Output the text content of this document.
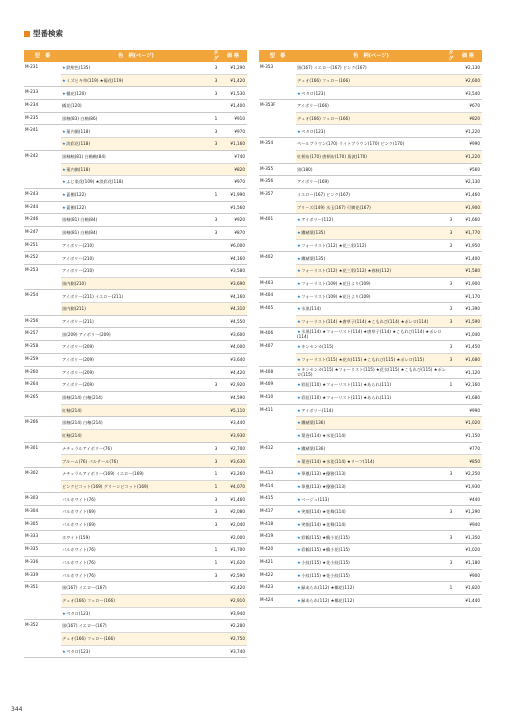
型番検索
型　番	色　柄(ページ)
タグ
価 格
M-231	★鉄紺色(135)	3	¥1,290
★ミズヒキ草(119) ★葡花(119)	3	¥1,420
M-233	★橘花(120)	3	¥1,530
M-234	橘花(120)	¥1,400
M-235	黒釉(83) 白釉(86)	1	¥910
M-241	★蓮内側(118)	3	¥970
★淡彩花(118)	3	¥1,160
M-242	黒釉釉(81) 白釉釉(84)	¥740
★蓮内側(118)	¥820
★ふじ染花(109) ★淡彩花(118)	¥970
M-243	★蓋棚(122)	1	¥1,990
M-244	★蓋棚(122)	¥1,560
M-246	黒釉(81) 白釉(84)	3	¥920
M-247	黒釉(81) 白釉(84)	3	¥870
M-251	アイボリー(210)	¥6,000
M-252	アイボリー(210)	¥4,160
M-253	アイボリー(210)	¥3,580
黒内側(210)	¥3,690
M-254	アイボリー(211) イエロー(211)	¥4,160
黒内側(211)	¥4,310
M-256	アイボリー(211)	¥4,550
M-257	黒(209) アイボリー(209)	¥3,600
M-258	アイボリー(209)	¥4,000
M-259	アイボリー(209)	¥3,640
M-260	アイボリー(209)	¥4,420
M-264	アイボリー(209)	3	¥2,920
M-265	黒釉(214) 白釉(214)	¥4,590
紅釉(214)	¥5,110
M-266	黒釉(214) 白釉(214)	¥3,440
紅釉(214)	¥3,930
M-301	ナチュラルアイボリー(76)	3	¥2,700
ブルーム(76) パルテール(76)	3	¥3,630
M-302	ナチュラルアイボリー(169) イエロー(169)	1	¥3,260
ピンクピコット(169) グリーンピコット(169)	1	¥4,070
M-303	パルホワイト(76)	3	¥1,460
M-304	パルホワイト(69)	3	¥2,080
M-305	パルホワイト(69)	3	¥2,040
M-333	ホワイト(159)	¥2,000
M-335	パルホワイト(76)	1	¥1,700
M-336	パルホワイト(76)	1	¥1,620
M-339	パルホワイト(76)	3	¥2,590
M-351	黒(167) イエロー(167)	¥2,420
デュオ(166) フェロー(166)	¥2,910
★ペタロ(123)	¥3,940
M-352	黒(167) イエロー(167)	¥2,280
デュオ(166) フェロー(166)	¥2,750
★ペタロ(123)	¥3,740
型　番	色　柄(ページ)
タグ
価 格
M-353	黒(167) イエロー(167) ピンク(167)	¥2,130
デュオ(166) フェロー(166)	¥2,600
★ペタロ(123)	¥3,540
M-353F	アイボリー(166)	¥670
デュオ(166) フェロー(166)	¥820
★ペタロ(123)	¥1,220
M-354	ペールブラウン(170) ライトブラウン(170) ピンク(170)	¥990
紅柄布(170) 唐柄布(170) 蔦波(170)	¥1,220
M-355	黒(180)	¥560
M-356	アイボリー(169)	¥2,130
M-357	イエロー(167) ピンク(167)	¥1,460
ブリーズ(149) 水玉(167) 可憐花(167)	¥1,900
M-401	★アイボリー(112)	3	¥1,660
★躍緒葉(135)	3	¥1,770
★フォーリスト(112) ★花三彩(112)	3	¥1,950
M-402	★躍緒葉(135)	¥1,400
★フォーリスト(112) ★花三彩(112) ★春秋(112)	¥1,580
M-403	★フォーリスト(109) ★花日より(109)	3	¥1,900
M-404	★フォーリスト(109) ★花日より(109)	¥1,170
M-405	★水黒(114)	3	¥1,390
★フォーリスト(114) ★唐草子(114) ★こもれび(114) ★ポレロ(114)	3	¥1,590
M-406	★水黒(114) ★フォーリスト(114) ★唐草子(114) ★こもれび(114) ★ポレロ(114)
¥1,040
M-407	★キンセンカ(115)	3	¥1,450
★フォーリスト(115) ★花衣(115) ★こもれび(115) ★ポレロ(115)	3	¥1,680
M-408	★キンセンカ(115) ★フォーリスト(115) ★花衣(115) ★こもれび(115) ★ポレロ(115)
¥1,120
M-409	★彩虹(110) ★フォーリスト(111) ★あられ(111)	1	¥2,160
M-410	★彩虹(110) ★フォーリスト(111) ★あられ(111)	¥1,680
M-411	★アイボリー(114)	¥990
★躍緒葉(136)	¥1,020
★葉巻(114) ★水花(114)	¥1,150
M-412	★躍緒葉(136)	¥770
★葉巻(114) ★水花(114) ★リーフ(114)	¥850
M-413	★華風(113) ★優雅(113)	3	¥2,250
M-414	★華風(113) ★優雅(113)	¥1,930
M-415	★ベージュ(113)	¥440
M-417	★笑顔(114) ★花舞(114)	3	¥1,290
M-418	★笑顔(114) ★花舞(114)	¥940
M-419	★彩鶴(115) ★鶴小花(115)	3	¥1,350
M-420	★彩鶴(115) ★鶴小花(115)	¥1,020
M-421	★小紋(115) ★花小紋(115)	3	¥1,180
M-422	★小紋(115) ★花小紋(115)	¥900
M-423	★緑あられ(112) ★椰花(112)	1	¥1,820
M-424	★緑あられ(112) ★椰花(112)	¥1,440
344
